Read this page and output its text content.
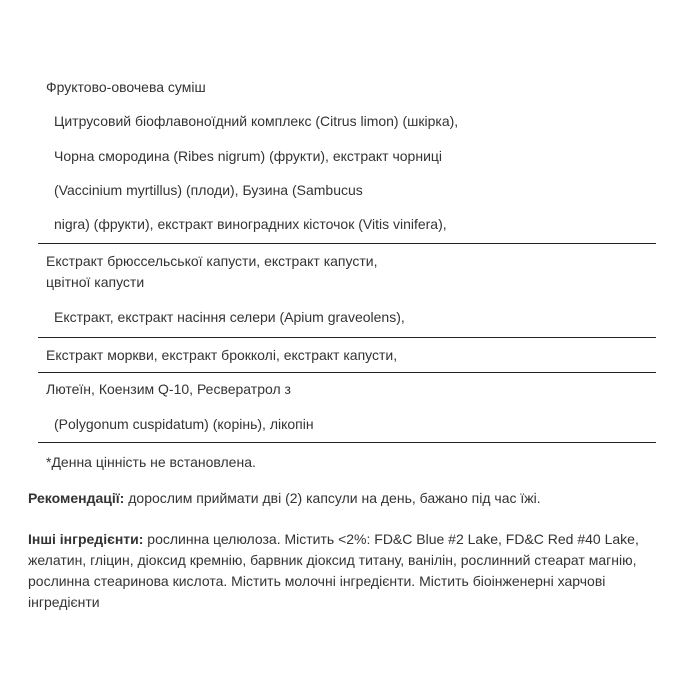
Фруктово-овочева суміш
Цитрусовий біофлавоноїдний комплекс (Citrus limon) (шкірка),
Чорна смородина (Ribes nigrum) (фрукти), екстракт чорниці
(Vaccinium myrtillus) (плоди), Бузина (Sambucus
nigra) (фрукти), екстракт виноградних кісточок (Vitis vinifera),
Екстракт брюссельської капусти, екстракт капусти,
цвітної капусти
Екстракт, екстракт насіння селери (Apium graveolens),
Екстракт моркви, екстракт брокколі, екстракт капусти,
Лютеїн, Коензим Q-10, Ресвератрол з
(Polygonum cuspidatum) (корінь), лікопін
*Денна цінність не встановлена.
Рекомендації: дорослим приймати дві (2) капсули на день, бажано під час їжі.
Інші інгредієнти: рослинна целюлоза. Містить <2%: FD&C Blue #2 Lake, FD&C Red #40 Lake, желатин, гліцин, діоксид кремнію, барвник діоксид титану, ванілін, рослинний стеарат магнію, рослинна стеаринова кислота. Містить молочні інгредієнти. Містить біоінженерні харчові інгредієнти
